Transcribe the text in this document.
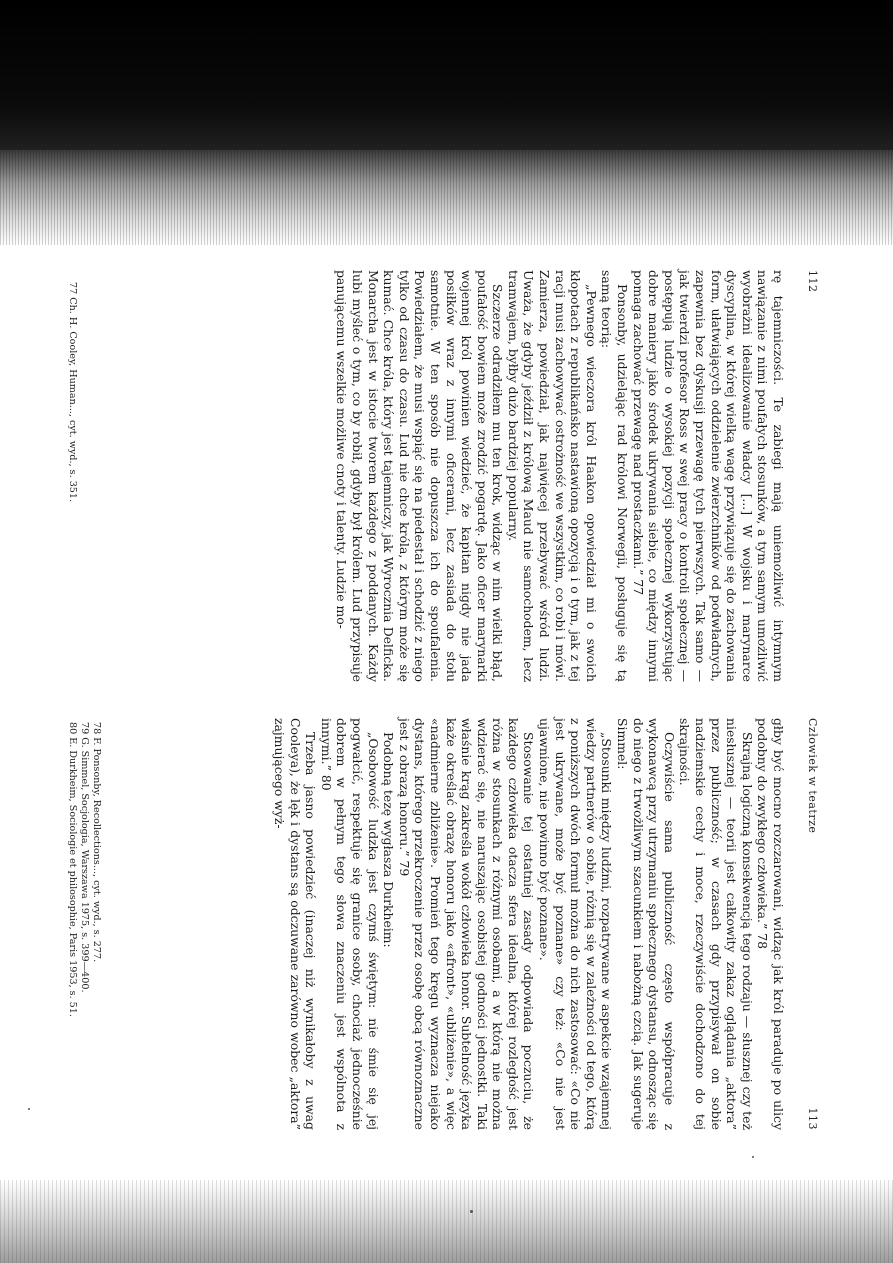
112

rę tajemniczości. Te zabiegi mają uniemożliwić intymnym nawiązanie z nimi poufałych stosunków, a tym samym umożliwić wyobrażni idealizowanie władcy [...] W wojsku i marynarce dyscyplina, w której wielką wagę przywiązuje się do zachowania form, ułatwiających oddzielenie zwierzchników od podwładnych, zapewnia bez dyskusji przewagę tych pierwszych. Tak samo — jak twierdzi profesor Ross w swej pracy o kontroli społecznej — postępują ludzie o wysokiej pozycji społecznej wykorzystując dobre maniery jako środek ukrywania siebie, co między innymi pomaga zachować przewagę nad prostaczkami.” 77

Ponsonby, udzielając rad królowi Norwegii, posługuje się tą samą teorią:

„Pewnego wieczora król Haakon opowiedział mi o swoich kłopotach z republikańsko nastawioną opozycją i o tym, jak z tej racji musi zachowywać ostrożność we wszystkim, co robi i mówi. Zamierza, powiedział, jak najwięcej przebywać wśród ludzi. Uważa, że gdyby jeździł z królową Maud nie samochodem, lecz tramwajem, byłby dużo bardziej popularny.

Szczerze odradziłem mu ten krok, widząc w nim wielki błąd, poufałość bowiem może zrodzić pogardę. Jako oficer marynarki wojennej król powinien wiedzieć, że kapitan nigdy nie jada posiłków wraz z innymi oficerami, lecz zasiada do stołu samotnie. W ten sposób nie dopuszcza ich do spoufalenia. Powiedziałem, że musi wspiąć się na piedestał i schodzić z niego tylko od czasu do czasu. Lud nie chce króla, z którym może się kumać. Chce króla, który jest tajemniczy, jak Wyrocznia Delficka. Monarcha jest w istocie tworem każdego z poddanych. Każdy lubi myśleć o tym, co by robił, gdyby był królem. Lud przypisuje panującemu wszelkie możliwe cnoty i talenty. Ludzie mo-

77 Ch. H. Cooley, Human..., cyt. wyd., s. 351.

Człowiek w teatrze
113

głby być mocno rozczarowani, widząc jak król paraduje po ulicy podobny do zwykłego człowieka.” 78

Skrajną logiczną konsekwencją tego rodzaju — słusznej czy też niesłusznej — teorii jest całkowity zakaz oglądania „aktora” przez publiczność; w czasach gdy przypisywał on sobie nadziemskie cechy i moce, rzeczywiście dochodzono do tej skrajności.

Oczywiście sama publiczność często współpracuje z wykonawcą przy utrzymaniu społecznego dystansu, odnosząc się do niego z trwożliwym szacunkiem i nabożną czcią. Jak sugeruje Simmel:

„Stosunki między ludźmi, rozpatrywane w aspekcie wzajemnej wiedzy partnerów o sobie, różnią się w zależności od tego, którą z poniższych dwóch formuł można do nich zastosować: «Co nie jest ukrywane, może być poznane» czy też: «Co nie jest ujawnione, nie powinno być poznane».

Stosowanie tej ostatniej zasady odpowiada poczuciu, że każdego człowieka otacza sfera idealna, której rozległość jest różna w stosunkach z różnymi osobami, a w którą nie można wdzierać się, nie naruszając osobistej godności jednostki. Taki właśnie krąg zakreśla wokół człowieka honor. Subtelność języka każe określać obrazę honoru jako «afront», «ubliżenie», a więc «nadmierne zbliżenie». Promień tego kręgu wyznacza niejako dystans, którego przekroczenie przez osobę obcą równoznaczne jest z obrazą honoru.” 79

Podobną tezę wygłasza Durkheim:

„Osobowość ludzka jest czymś świętym: nie śmie się jej pogwałcić, respektuje się granice osoby, chociaż jednocześnie dobrem w pełnym tego słowa znaczeniu jest wspólnota z innymi.” 80

Trzeba jasno powiedzieć (inaczej niż wynikałoby z uwag Cooleya), że lęk i dystans są odczuwane zarówno wobec „aktora” zajmującego wyż-

78 F. Ponsonby, Recollections..., cyt. wyd., s. 277.

79 G. Simmel, Socjologia, Warszawa 1975, s. 399—400.

80 E. Durkheim, Sociologie et philosophie, Paris 1953, s. 51.
